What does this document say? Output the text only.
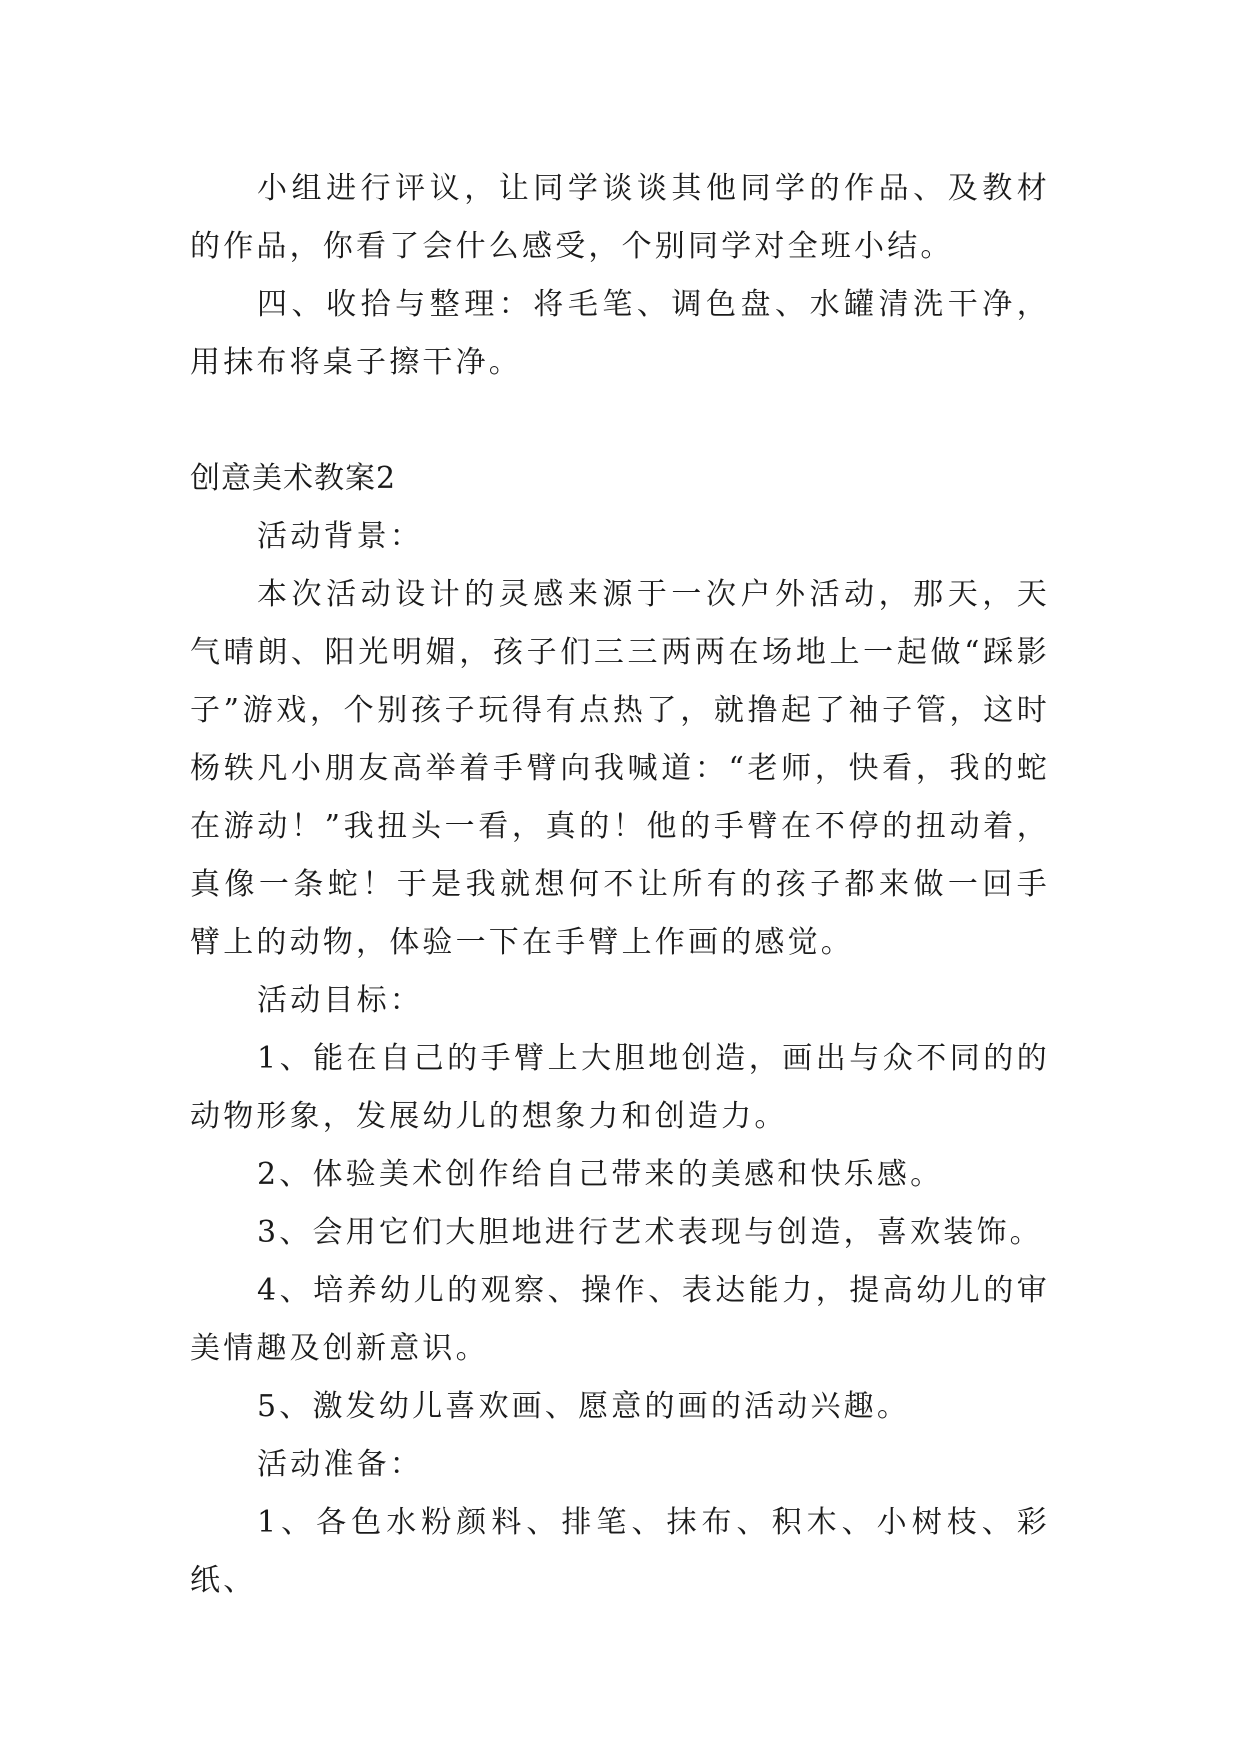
小组进行评议，让同学谈谈其他同学的作品、及教材的作品，你看了会什么感受，个别同学对全班小结。

四、收拾与整理：将毛笔、调色盘、水罐清洗干净，用抹布将桌子擦干净。

创意美术教案2

活动背景：

本次活动设计的灵感来源于一次户外活动，那天，天气晴朗、阳光明媚，孩子们三三两两在场地上一起做“踩影子”游戏，个别孩子玩得有点热了，就撸起了袖子管，这时杨轶凡小朋友高举着手臂向我喊道：“老师，快看，我的蛇在游动！”我扭头一看，真的！他的手臂在不停的扭动着，真像一条蛇！于是我就想何不让所有的孩子都来做一回手臂上的动物，体验一下在手臂上作画的感觉。

活动目标：

1、能在自己的手臂上大胆地创造，画出与众不同的的动物形象，发展幼儿的想象力和创造力。

2、体验美术创作给自己带来的美感和快乐感。

3、会用它们大胆地进行艺术表现与创造，喜欢装饰。

4、培养幼儿的观察、操作、表达能力，提高幼儿的审美情趣及创新意识。

5、激发幼儿喜欢画、愿意的画的活动兴趣。

活动准备：

1、各色水粉颜料、排笔、抹布、积木、小树枝、彩纸、
